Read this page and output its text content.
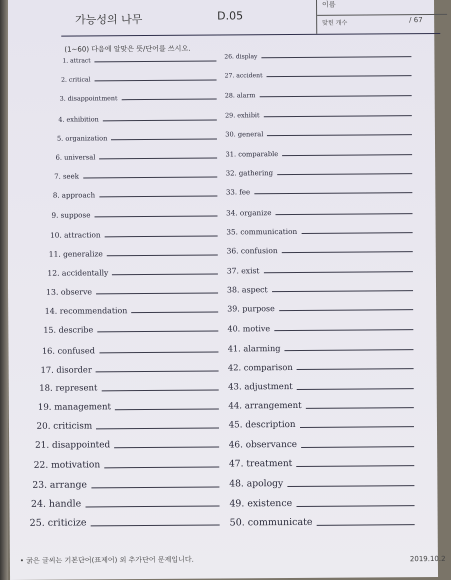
가능성의 나무	D.05
이름
맞힌 개수	/ 67
(1~60) 다음에 알맞은 뜻/단어를 쓰시오.
1. attract
2. critical
3. disappointment
4. exhibition
5. organization
6. universal
7. seek
8. approach
9. suppose
10. attraction
11. generalize
12. accidentally
13. observe
14. recommendation
15. describe
16. confused
17. disorder
18. represent
19. management
20. criticism
21. disappointed
22. motivation
23. arrange
24. handle
25. criticize
26. display
27. accident
28. alarm
29. exhibit
30. general
31. comparable
32. gathering
33. fee
34. organize
35. communication
36. confusion
37. exist
38. aspect
39. purpose
40. motive
41. alarming
42. comparison
43. adjustment
44. arrangement
45. description
46. observance
47. treatment
48. apology
49. existence
50. communicate
• 굵은 글씨는 기본단어(표제어) 외 추가단어 문제입니다.	2019.10.2
